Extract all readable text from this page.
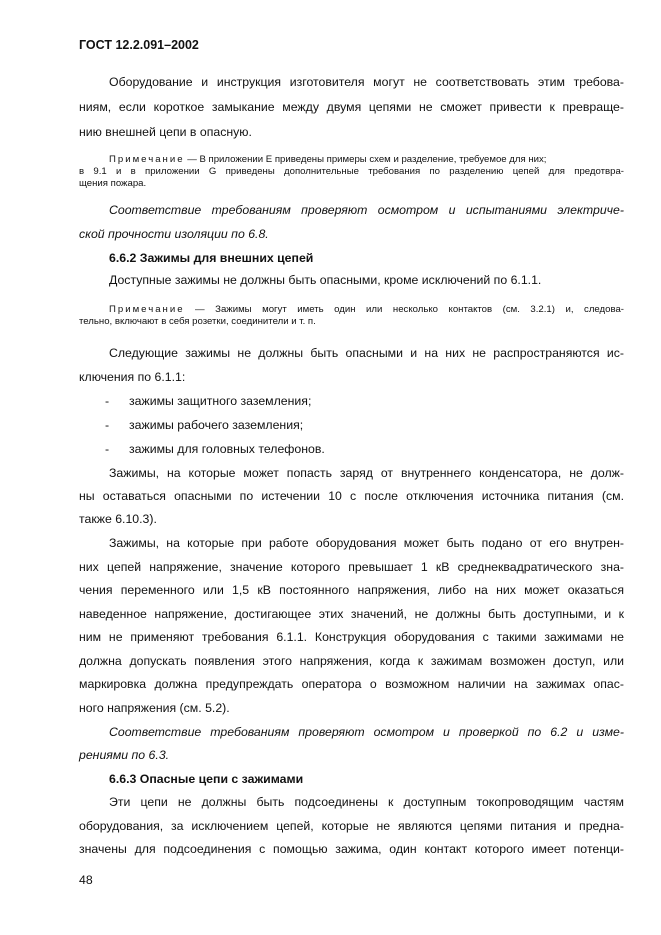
ГОСТ 12.2.091–2002
Оборудование и инструкция изготовителя могут не соответствовать этим требова-
ниям, если короткое замыкание между двумя цепями не сможет привести к превраще-
нию внешней цепи в опасную.
Примечание — В приложении Е приведены примеры схем и разделение, требуемое для них;
в 9.1 и в приложении G приведены дополнительные требования по разделению цепей для предотвра-
щения пожара.
Соответствие требованиям проверяют осмотром и испытаниями электриче-
ской прочности изоляции по 6.8.
6.6.2 Зажимы для внешних цепей
Доступные зажимы не должны быть опасными, кроме исключений по 6.1.1.
Примечание — Зажимы могут иметь один или несколько контактов (см. 3.2.1) и, следова-
тельно, включают в себя розетки, соединители и т. п.
Следующие зажимы не должны быть опасными и на них не распространяются ис-
ключения по 6.1.1:
- зажимы защитного заземления;
- зажимы рабочего заземления;
- зажимы для головных телефонов.
Зажимы, на которые может попасть заряд от внутреннего конденсатора, не долж-
ны оставаться опасными по истечении 10 с после отключения источника питания (см.
также 6.10.3).
Зажимы, на которые при работе оборудования может быть подано от его внутрен-
них цепей напряжение, значение которого превышает 1 кВ среднеквадратического зна-
чения переменного или 1,5 кВ постоянного напряжения, либо на них может оказаться
наведенное напряжение, достигающее этих значений, не должны быть доступными, и к
ним не применяют требования 6.1.1. Конструкция оборудования с такими зажимами не
должна допускать появления этого напряжения, когда к зажимам возможен доступ, или
маркировка должна предупреждать оператора о возможном наличии на зажимах опас-
ного напряжения (см. 5.2).
Соответствие требованиям проверяют осмотром и проверкой по 6.2 и изме-
рениями по 6.3.
6.6.3 Опасные цепи с зажимами
Эти цепи не должны быть подсоединены к доступным токопроводящим частям
оборудования, за исключением цепей, которые не являются цепями питания и предна-
значены для подсоединения с помощью зажима, один контакт которого имеет потенци-
48
